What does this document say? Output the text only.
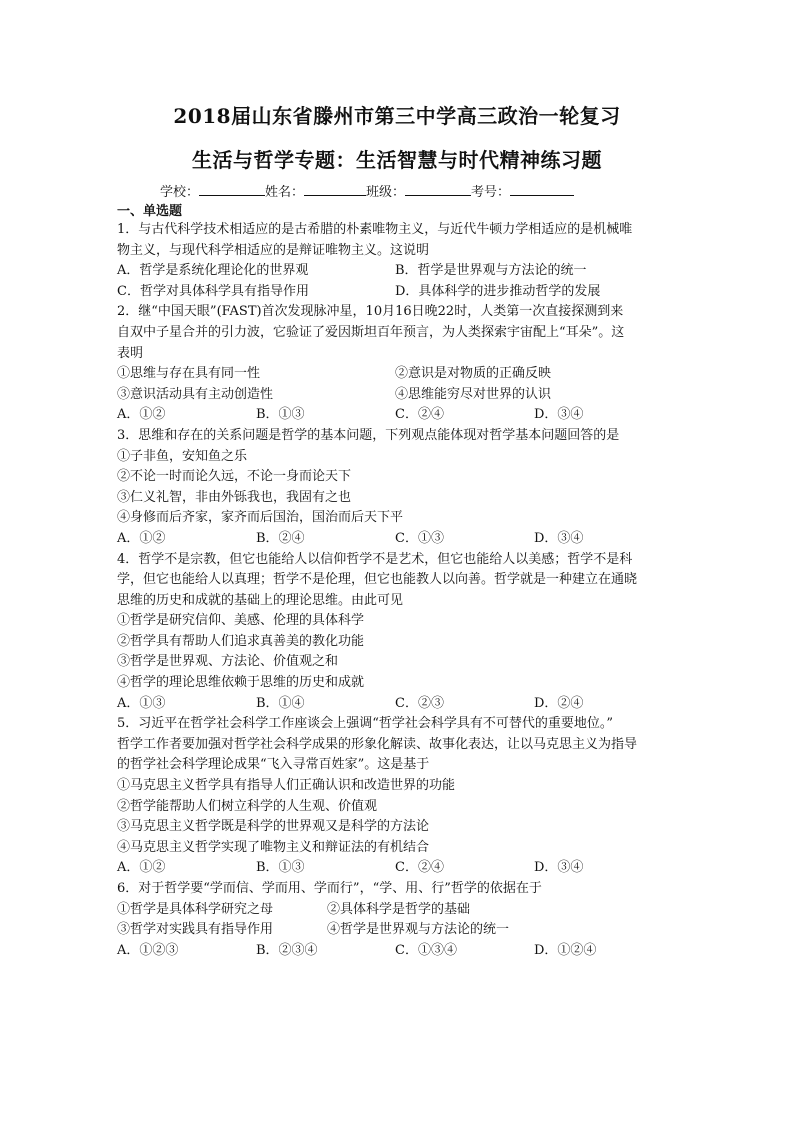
2018届山东省滕州市第三中学高三政治一轮复习
生活与哲学专题：生活智慧与时代精神练习题
学校：	姓名：	班级：	考号：
一、单选题
1．与古代科学技术相适应的是古希腊的朴素唯物主义，与近代牛顿力学相适应的是机械唯
物主义，与现代科学相适应的是辩证唯物主义。这说明
A．哲学是系统化理论化的世界观	B．哲学是世界观与方法论的统一
C．哲学对具体科学具有指导作用	D．具体科学的进步推动哲学的发展
2．继“中国天眼”(FAST)首次发现脉冲星，10月16日晚22时，人类第一次直接探测到来
自双中子星合并的引力波，它验证了爱因斯坦百年预言，为人类探索宇宙配上“耳朵”。这
表明
①思维与存在具有同一性	②意识是对物质的正确反映
③意识活动具有主动创造性	④思维能穷尽对世界的认识
A．①②	B．①③	C．②④	D．③④
3．思维和存在的关系问题是哲学的基本问题，下列观点能体现对哲学基本问题回答的是
①子非鱼，安知鱼之乐
②不论一时而论久远，不论一身而论天下
③仁义礼智，非由外铄我也，我固有之也
④身修而后齐家，家齐而后国治，国治而后天下平
A．①②	B．②④	C．①③	D．③④
4．哲学不是宗教，但它也能给人以信仰哲学不是艺术，但它也能给人以美感；哲学不是科
学，但它也能给人以真理；哲学不是伦理，但它也能教人以向善。哲学就是一种建立在通晓
思维的历史和成就的基础上的理论思维。由此可见
①哲学是研究信仰、美感、伦理的具体科学
②哲学具有帮助人们追求真善美的教化功能
③哲学是世界观、方法论、价值观之和
④哲学的理论思维依赖于思维的历史和成就
A．①③	B．①④	C．②③	D．②④
5．习近平在哲学社会科学工作座谈会上强调“哲学社会科学具有不可替代的重要地位。”
哲学工作者要加强对哲学社会科学成果的形象化解读、故事化表达，让以马克思主义为指导
的哲学社会科学理论成果“飞入寻常百姓家”。这是基于
①马克思主义哲学具有指导人们正确认识和改造世界的功能
②哲学能帮助人们树立科学的人生观、价值观
③马克思主义哲学既是科学的世界观又是科学的方法论
④马克思主义哲学实现了唯物主义和辩证法的有机结合
A．①②	B．①③	C．②④	D．③④
6．对于哲学要“学而信、学而用、学而行”，“学、用、行”哲学的依据在于
①哲学是具体科学研究之母	②具体科学是哲学的基础
③哲学对实践具有指导作用	④哲学是世界观与方法论的统一
A．①②③	B．②③④	C．①③④	D．①②④
